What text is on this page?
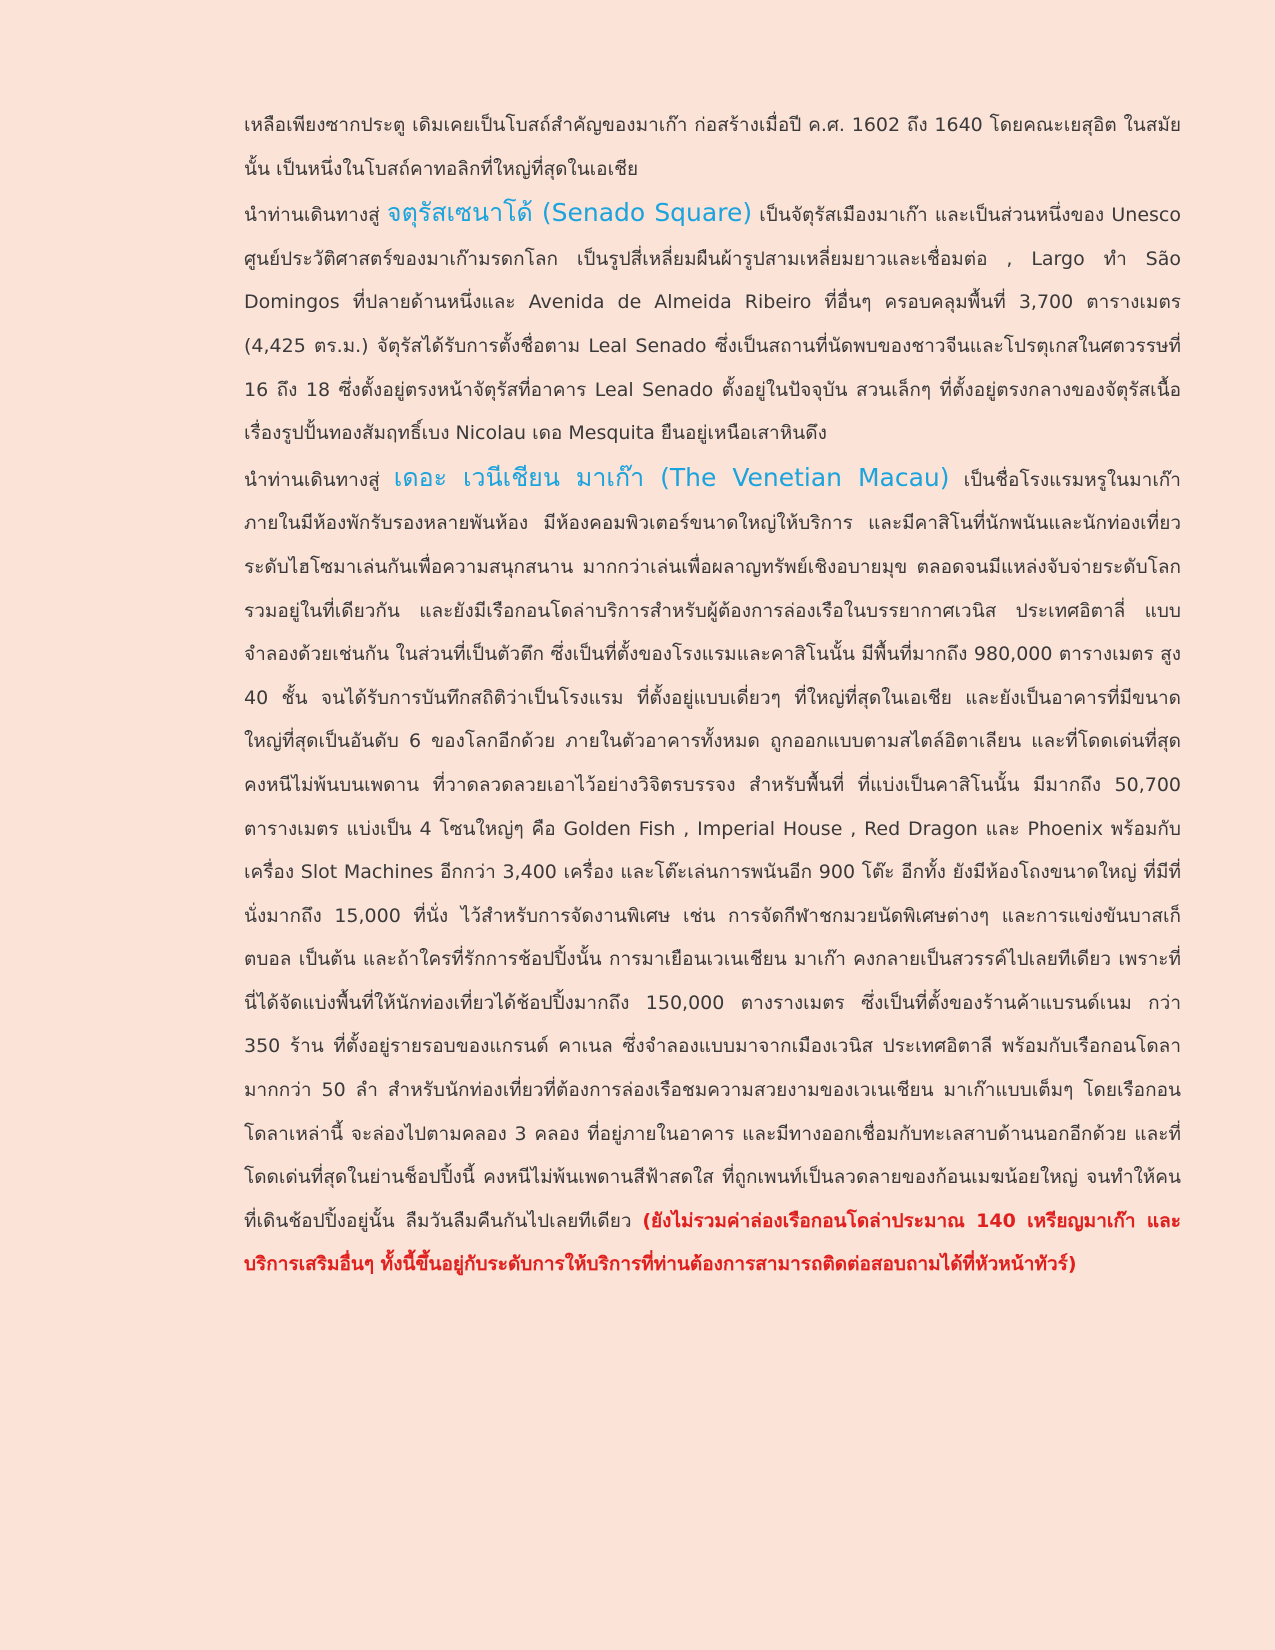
เหลือเพียงซากประตู เดิมเคยเป็นโบสถ์สำคัญของมาเก๊า ก่อสร้างเมื่อปี ค.ศ. 1602 ถึง 1640 โดยคณะเยสุอิต ในสมัยนั้น เป็นหนึ่งในโบสถ์คาทอลิกที่ใหญ่ที่สุดในเอเชีย

นำท่านเดินทางสู่ จตุรัสเซนาโด้ (Senado Square) เป็นจัตุรัสเมืองมาเก๊า และเป็นส่วนหนึ่งของ Unesco ศูนย์ประวัติศาสตร์ของมาเก๊ามรดกโลก เป็นรูปสี่เหลี่ยมผืนผ้ารูปสามเหลี่ยมยาวและเชื่อมต่อ , Largo ทำ São Domingos ที่ปลายด้านหนึ่งและ Avenida de Almeida Ribeiro ที่อื่นๆ ครอบคลุมพื้นที่ 3,700 ตารางเมตร (4,425 ตร.ม.) จัตุรัสได้รับการตั้งชื่อตาม Leal Senado ซึ่งเป็นสถานที่นัดพบของชาวจีนและโปรตุเกสในศตวรรษที่ 16 ถึง 18 ซึ่งตั้งอยู่ตรงหน้าจัตุรัสที่อาคาร Leal Senado ตั้งอยู่ในปัจจุบัน สวนเล็กๆ ที่ตั้งอยู่ตรงกลางของจัตุรัสเนื้อเรื่องรูปปั้นทองสัมฤทธิ์เบง Nicolau เดอ Mesquita ยืนอยู่เหนือเสาหินดึง

นำท่านเดินทางสู่ เดอะ เวนีเชียน มาเก๊า (The Venetian Macau) เป็นชื่อโรงแรมหรูในมาเก๊า ภายในมีห้องพักรับรองหลายพันห้อง มีห้องคอมพิวเตอร์ขนาดใหญ่ให้บริการ และมีคาสิโนที่นักพนันและนักท่องเที่ยวระดับไฮโซมาเล่นกันเพื่อความสนุกสนาน มากกว่าเล่นเพื่อผลาญทรัพย์เชิงอบายมุข ตลอดจนมีแหล่งจับจ่ายระดับโลกรวมอยู่ในที่เดียวกัน และยังมีเรือกอนโดล่าบริการสำหรับผู้ต้องการล่องเรือในบรรยากาศเวนิส ประเทศอิตาลี่ แบบจำลองด้วยเช่นกัน ในส่วนที่เป็นตัวตึก ซึ่งเป็นที่ตั้งของโรงแรมและคาสิโนนั้น มีพื้นที่มากถึง 980,000 ตารางเมตร สูง 40 ชั้น จนได้รับการบันทึกสถิติว่าเป็นโรงแรม ที่ตั้งอยู่แบบเดี่ยวๆ ที่ใหญ่ที่สุดในเอเชีย และยังเป็นอาคารที่มีขนาดใหญ่ที่สุดเป็นอันดับ 6 ของโลกอีกด้วย ภายในตัวอาคารทั้งหมด ถูกออกแบบตามสไตล์อิตาเลียน และที่โดดเด่นที่สุด คงหนีไม่พ้นบนเพดาน ที่วาดลวดลวยเอาไว้อย่างวิจิตรบรรจง สำหรับพื้นที่ ที่แบ่งเป็นคาสิโนนั้น มีมากถึง 50,700 ตารางเมตร แบ่งเป็น 4 โซนใหญ่ๆ คือ Golden Fish , Imperial House , Red Dragon และ Phoenix พร้อมกับเครื่อง Slot Machines อีกกว่า 3,400 เครื่อง และโต๊ะเล่นการพนันอีก 900 โต๊ะ อีกทั้ง ยังมีห้องโถงขนาดใหญ่ ที่มีที่นั่งมากถึง 15,000 ที่นั่ง ไว้สำหรับการจัดงานพิเศษ เช่น การจัดกีฬาชกมวยนัดพิเศษต่างๆ และการแข่งขันบาสเก็ตบอล เป็นต้น และถ้าใครที่รักการช้อปปิ้งนั้น การมาเยือนเวเนเชียน มาเก๊า คงกลายเป็นสวรรค์ไปเลยทีเดียว เพราะที่นี่ได้จัดแบ่งพื้นที่ให้นักท่องเที่ยวได้ช้อปปิ้งมากถึง 150,000 ตางรางเมตร ซึ่งเป็นที่ตั้งของร้านค้าแบรนด์เนม กว่า 350 ร้าน ที่ตั้งอยู่รายรอบของแกรนด์ คาเนล ซึ่งจำลองแบบมาจากเมืองเวนิส ประเทศอิตาลี พร้อมกับเรือกอนโดลามากกว่า 50 ลำ สำหรับนักท่องเที่ยวที่ต้องการล่องเรือชมความสวยงามของเวเนเชียน มาเก๊าแบบเต็มๆ โดยเรือกอนโดลาเหล่านี้ จะล่องไปตามคลอง 3 คลอง ที่อยู่ภายในอาคาร และมีทางออกเชื่อมกับทะเลสาบด้านนอกอีกด้วย และที่โดดเด่นที่สุดในย่านช็อปปิ้งนี้ คงหนีไม่พ้นเพดานสีฟ้าสดใส ที่ถูกเพนท์เป็นลวดลายของก้อนเมฆน้อยใหญ่ จนทำให้คนที่เดินช้อปปิ้งอยู่นั้น ลืมวันลืมคืนกันไปเลยทีเดียว (ยังไม่รวมค่าล่องเรือกอนโดล่าประมาณ 140 เหรียญมาเก๊า และ บริการเสริมอื่นๆ ทั้งนี้ขึ้นอยู่กับระดับการให้บริการที่ท่านต้องการสามารถติดต่อสอบถามได้ที่หัวหน้าทัวร์)
